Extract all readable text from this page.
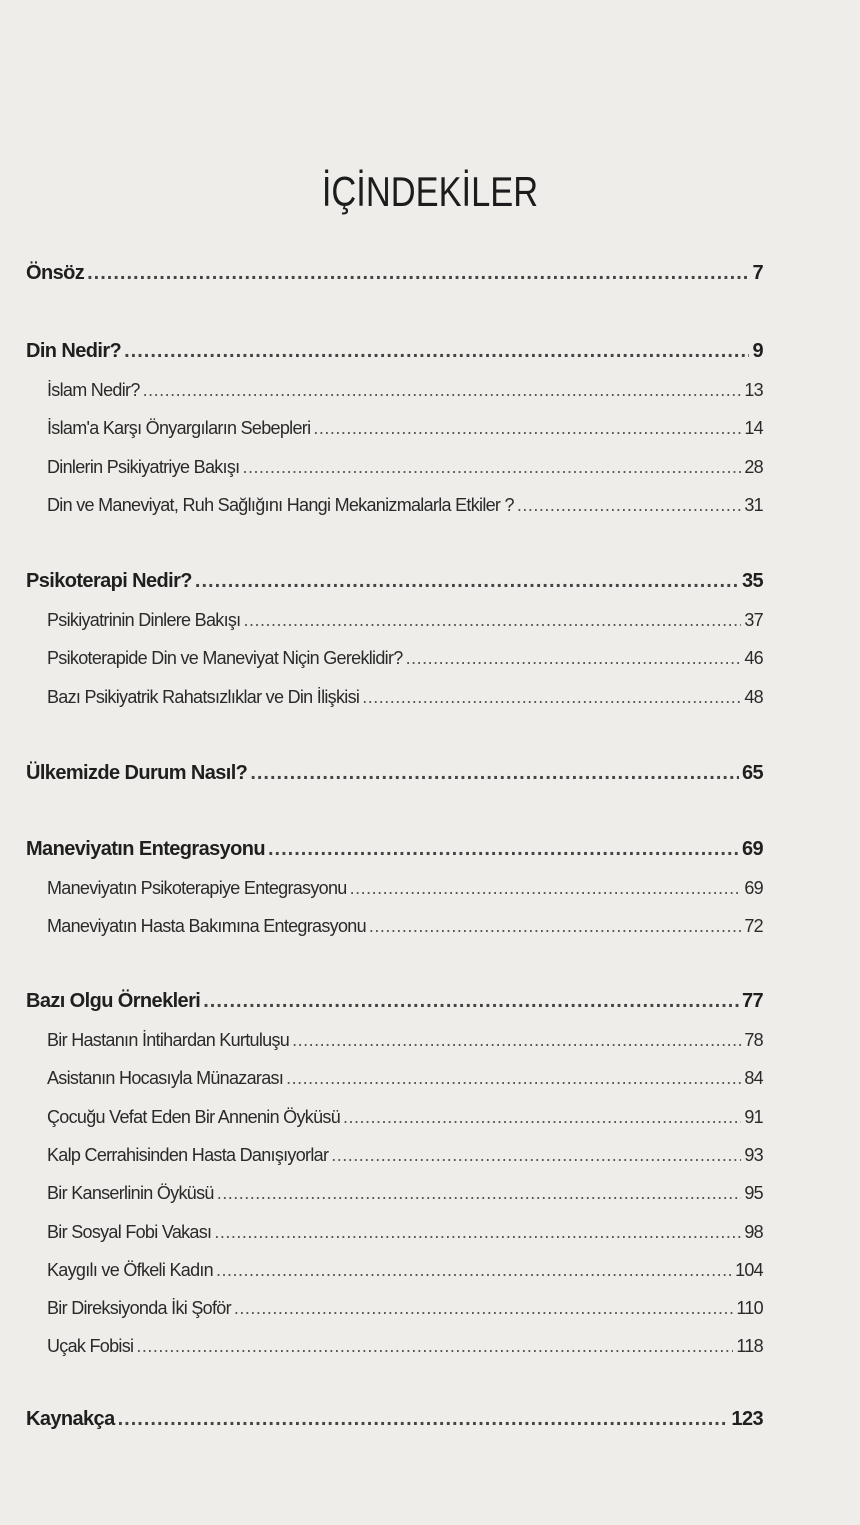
İÇİNDEKİLER
Önsöz .....	7
Din Nedir? .....	9
İslam Nedir? .....	13
İslam'a Karşı Önyargıların Sebepleri .....	14
Dinlerin Psikiyatriye Bakışı .....	28
Din ve Maneviyat, Ruh Sağlığını Hangi Mekanizmalarla Etkiler ? .....	31
Psikoterapi Nedir? .....	35
Psikiyatrinin Dinlere Bakışı .....	37
Psikoterapide Din ve Maneviyat Niçin Gereklidir? .....	46
Bazı Psikiyatrik Rahatsızlıklar ve Din İlişkisi .....	48
Ülkemizde Durum Nasıl? .....	65
Maneviyatın Entegrasyonu .....	69
Maneviyatın Psikoterapiye Entegrasyonu .....	69
Maneviyatın Hasta Bakımına Entegrasyonu .....	72
Bazı Olgu Örnekleri .....	77
Bir Hastanın İntihardan Kurtuluşu .....	78
Asistanın Hocasıyla Münazarası .....	84
Çocuğu Vefat Eden Bir Annenin Öyküsü .....	91
Kalp Cerrahisinden Hasta Danışıyorlar .....	93
Bir Kanserlinin Öyküsü .....	95
Bir Sosyal Fobi Vakası .....	98
Kaygılı ve Öfkeli Kadın .....	104
Bir Direksiyonda İki Şoför .....	110
Uçak Fobisi .....	118
Kaynakça .....	123
